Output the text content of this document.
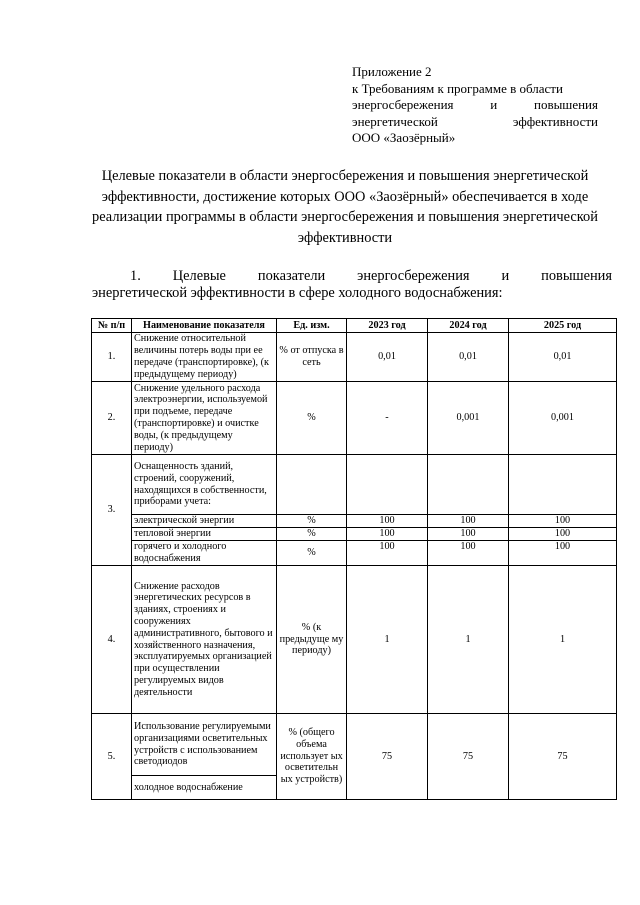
Приложение 2
к Требованиям к программе в области
энергосбережения и повышения
энергетической эффективности
ООО «Заозёрный»
Целевые показатели в области энергосбережения и повышения энергетической эффективности, достижение которых ООО «Заозёрный» обеспечивается в ходе реализации программы в области энергосбережения и повышения энергетической эффективности
1. Целевые показатели энергосбережения и повышения
энергетической эффективности в сфере холодного водоснабжения:
№ п/п	Наименование показателя	Ед. изм.	2023 год	2024 год	2025 год
1.	Снижение относительной величины потерь воды при ее передаче (транспортировке), (к предыдущему периоду)	% от отпуска в сеть	0,01	0,01	0,01
2.	Снижение удельного расхода электроэнергии, используемой при подъеме, передаче (транспортировке) и очистке воды, (к предыдущему периоду)	%	-	0,001	0,001
3.	Оснащенность зданий, строений, сооружений, находящихся в собственности, приборами учета:				
	электрической энергии	%	100	100	100
	тепловой энергии	%	100	100	100
	горячего и холодного водоснабжения	%	100	100	100
4.	Снижение расходов энергетических ресурсов в зданиях, строениях и сооружениях административного, бытового и хозяйственного назначения, эксплуатируемых организацией при осуществлении регулируемых видов деятельности	% (к предыдуще му периоду)	1	1	1
5.	Использование регулируемыми организациями осветительных устройств с использованием светодиодов	% (общего объема использует ых осветительн ых устройств)	75	75	75
	холодное водоснабжение				
